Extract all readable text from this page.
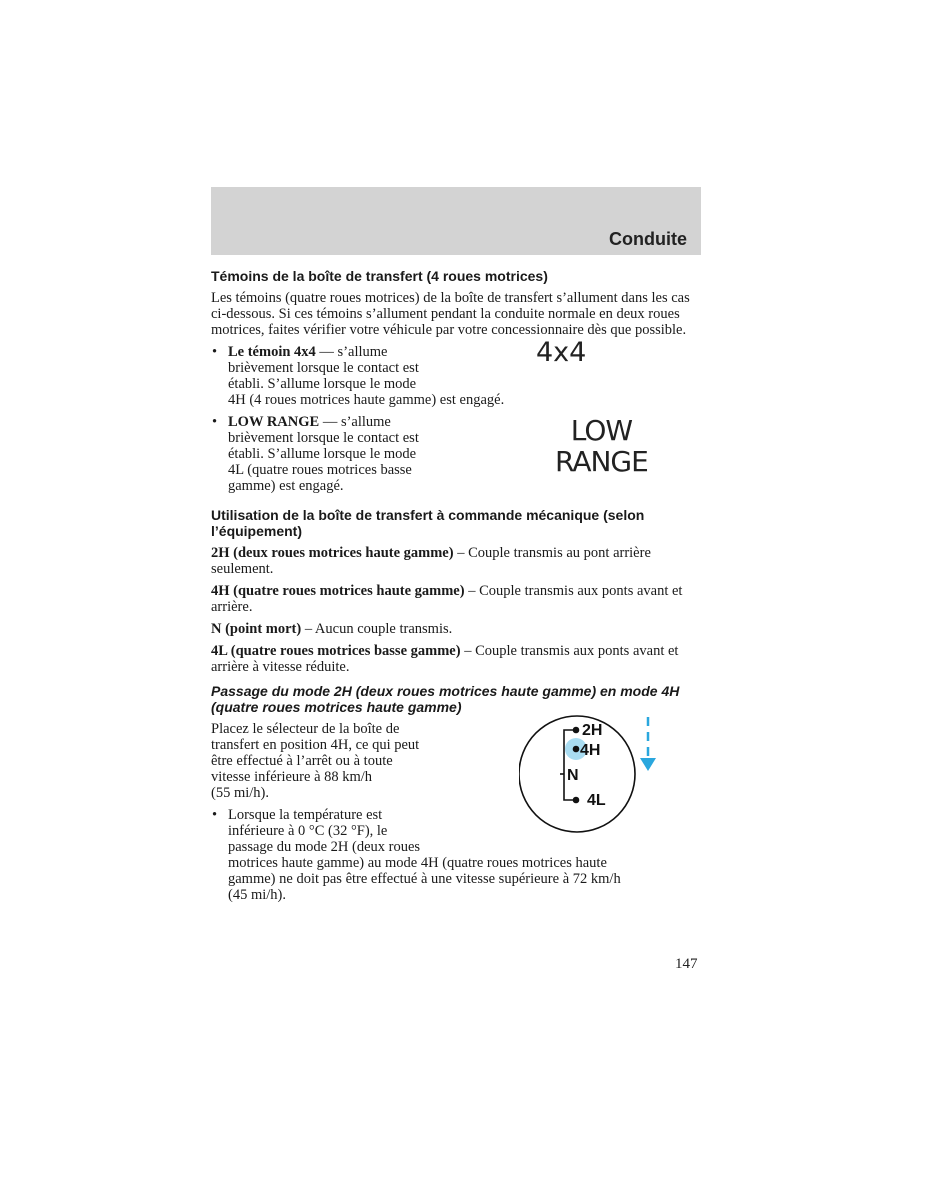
Conduite
Témoins de la boîte de transfert (4 roues motrices)

Les témoins (quatre roues motrices) de la boîte de transfert s’allument dans les cas ci-dessous. Si ces témoins s’allument pendant la conduite normale en deux roues motrices, faites vérifier votre véhicule par votre concessionnaire dès que possible.

• Le témoin 4x4 — s’allume
brièvement lorsque le contact est
établi. S’allume lorsque le mode
4x4
4H (4 roues motrices haute gamme) est engagé.
• LOW RANGE — s’allume
brièvement lorsque le contact est
établi. S’allume lorsque le mode
4L (quatre roues motrices basse
gamme) est engagé.
LOW
RANGE
Utilisation de la boîte de transfert à commande mécanique (selon l’équipement)

2H (deux roues motrices haute gamme) – Couple transmis au pont arrière seulement.

4H (quatre roues motrices haute gamme) – Couple transmis aux ponts avant et arrière.

N (point mort) – Aucun couple transmis.

4L (quatre roues motrices basse gamme) – Couple transmis aux ponts avant et arrière à vitesse réduite.

Passage du mode 2H (deux roues motrices haute gamme) en mode 4H (quatre roues motrices haute gamme)
Placez le sélecteur de la boîte de
transfert en position 4H, ce qui peut
être effectué à l’arrêt ou à toute
vitesse inférieure à 88 km/h
(55 mi/h).
• Lorsque la température est
inférieure à 0 °C (32 °F), le
passage du mode 2H (deux roues
motrices haute gamme) au mode 4H (quatre roues motrices haute
gamme) ne doit pas être effectué à une vitesse supérieure à 72 km/h
(45 mi/h).
2H
4H
N
4L
147
